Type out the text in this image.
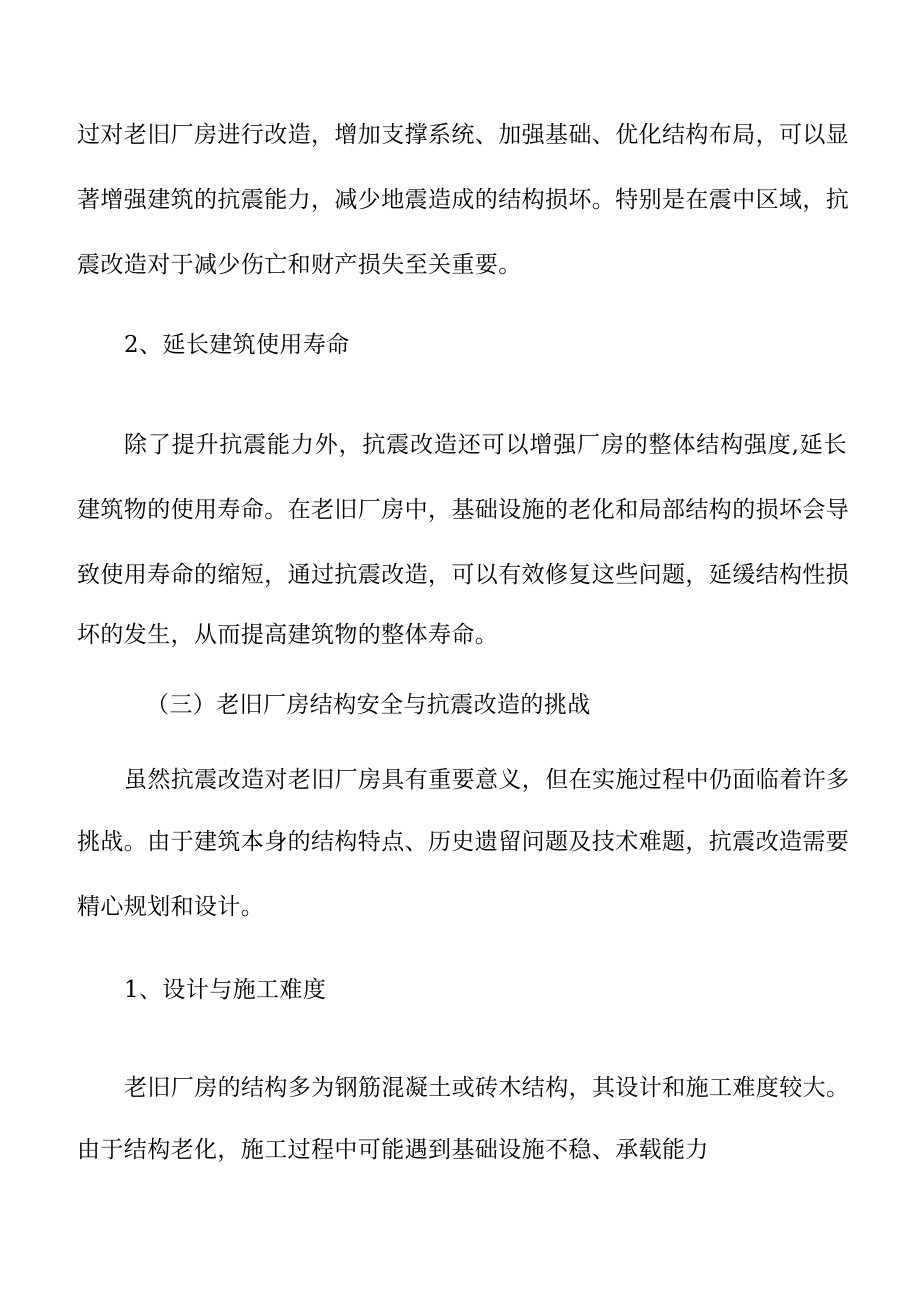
过对老旧厂房进行改造，增加支撑系统、加强基础、优化结构布局，可以显
著增强建筑的抗震能力，减少地震造成的结构损坏。特别是在震中区域，抗
震改造对于减少伤亡和财产损失至关重要。
2、延长建筑使用寿命
除了提升抗震能力外，抗震改造还可以增强厂房的整体结构强度,延长
建筑物的使用寿命。在老旧厂房中，基础设施的老化和局部结构的损坏会导
致使用寿命的缩短，通过抗震改造，可以有效修复这些问题，延缓结构性损
坏的发生，从而提高建筑物的整体寿命。
（三）老旧厂房结构安全与抗震改造的挑战
虽然抗震改造对老旧厂房具有重要意义，但在实施过程中仍面临着许多
挑战。由于建筑本身的结构特点、历史遗留问题及技术难题，抗震改造需要
精心规划和设计。
1、设计与施工难度
老旧厂房的结构多为钢筋混凝土或砖木结构，其设计和施工难度较大。
由于结构老化，施工过程中可能遇到基础设施不稳、承载能力
